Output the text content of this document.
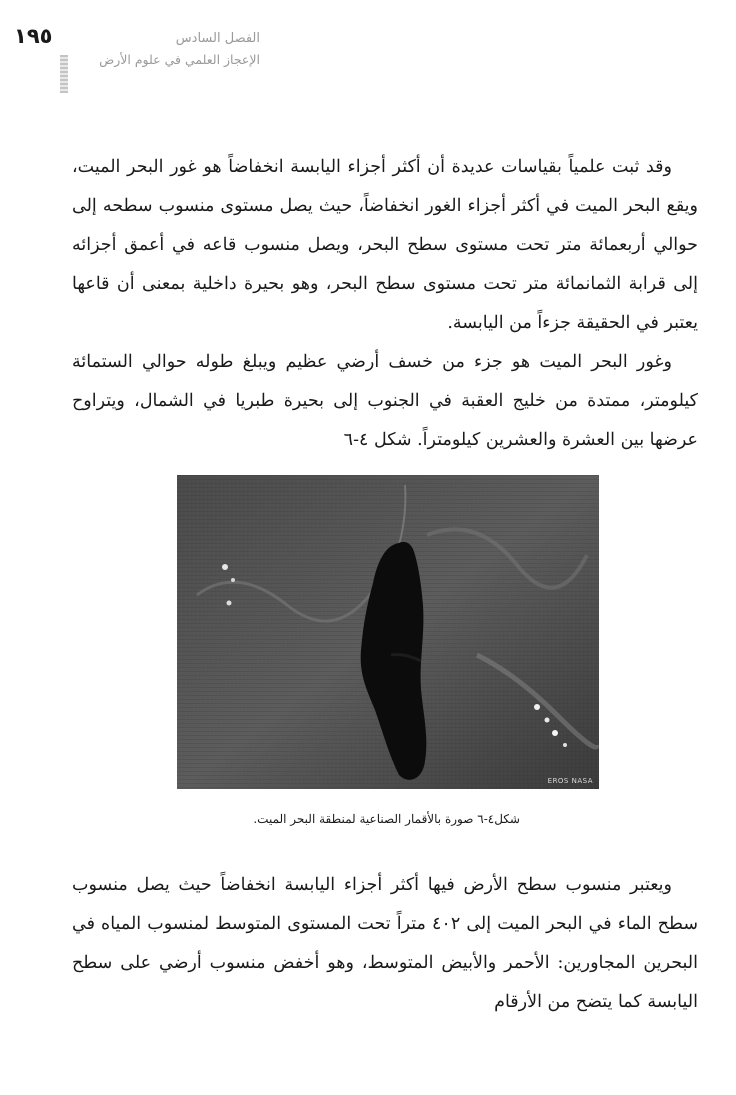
١٩٥	الفصل السادس
الإعجاز العلمي في علوم الأرض

وقد ثبت علمياً بقياسات عديدة أن أكثر أجزاء اليابسة انخفاضاً هو غور البحر الميت، ويقع البحر الميت في أكثر أجزاء الغور انخفاضاً، حيث يصل مستوى منسوب سطحه إلى حوالي أربعمائة متر تحت مستوى سطح البحر، ويصل منسوب قاعه في أعمق أجزائه إلى قرابة الثمانمائة متر تحت مستوى سطح البحر، وهو بحيرة داخلية بمعنى أن قاعها يعتبر في الحقيقة جزءاً من اليابسة.

وغور البحر الميت هو جزء من خسف أرضي عظيم ويبلغ طوله حوالي الستمائة كيلومتر، ممتدة من خليج العقبة في الجنوب إلى بحيرة طبريا في الشمال، ويتراوح عرضها بين العشرة والعشرين كيلومتراً. شكل ٤-٦

EROS NASA
شكل٤-٦ صورة بالأقمار الصناعية لمنطقة البحر الميت.

ويعتبر منسوب سطح الأرض فيها أكثر أجزاء اليابسة انخفاضاً حيث يصل منسوب سطح الماء في البحر الميت إلى ٤٠٢ متراً تحت المستوى المتوسط لمنسوب المياه في البحرين المجاورين: الأحمر والأبيض المتوسط، وهو أخفض منسوب أرضي على سطح اليابسة كما يتضح من الأرقام
